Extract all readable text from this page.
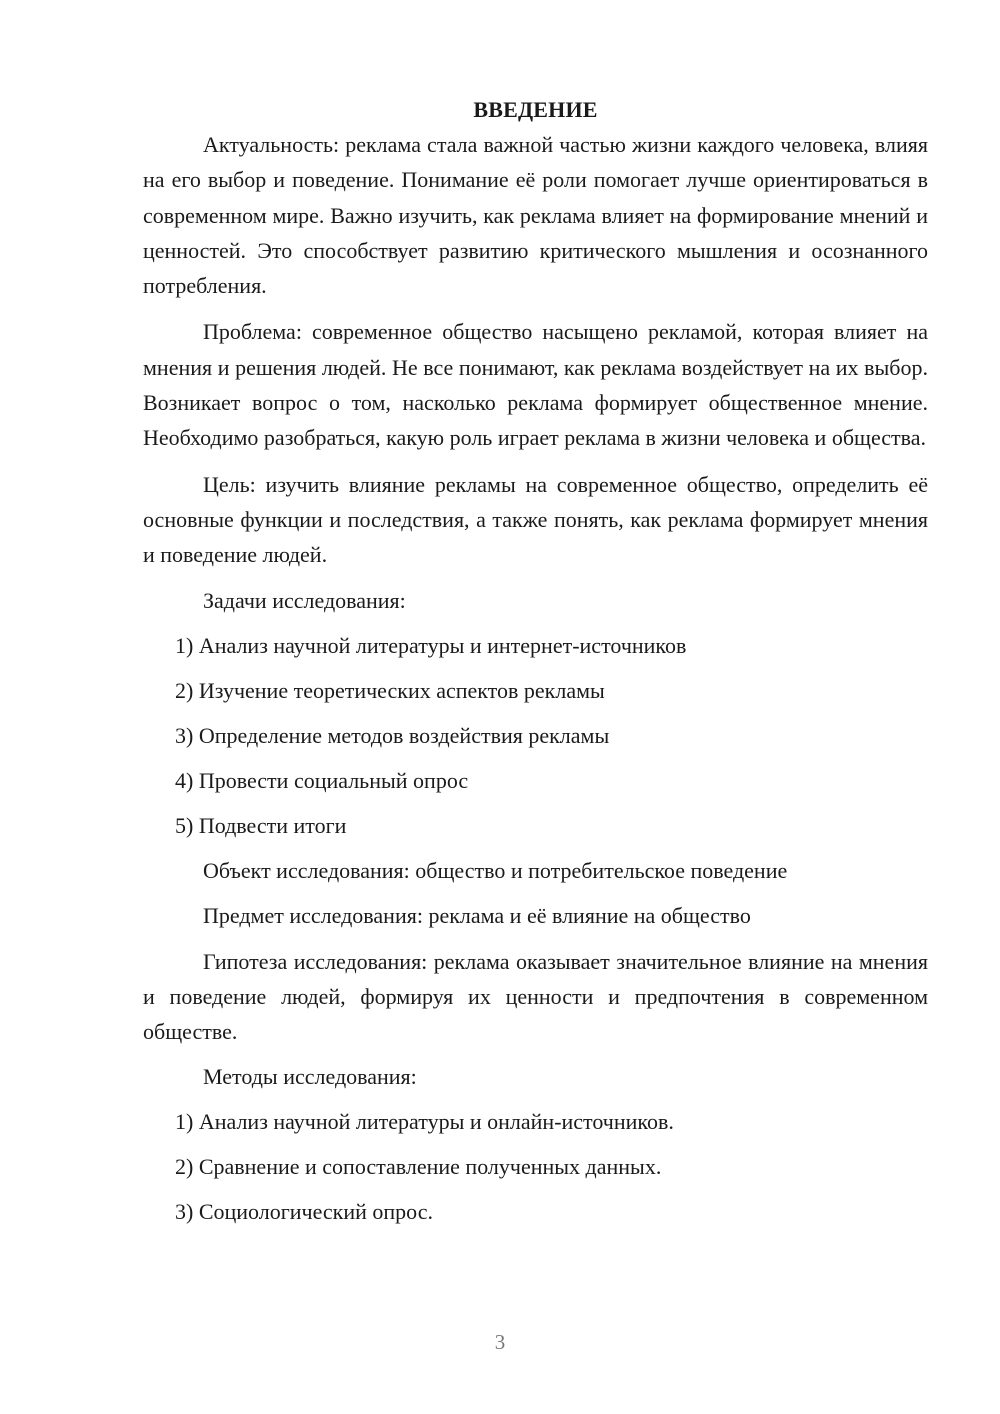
ВВЕДЕНИЕ

Актуальность: реклама стала важной частью жизни каждого человека, влияя на его выбор и поведение. Понимание её роли помогает лучше ориентироваться в современном мире. Важно изучить, как реклама влияет на формирование мнений и ценностей. Это способствует развитию критического мышления и осознанного потребления.

Проблема: современное общество насыщено рекламой, которая влияет на мнения и решения людей. Не все понимают, как реклама воздействует на их выбор. Возникает вопрос о том, насколько реклама формирует общественное мнение. Необходимо разобраться, какую роль играет реклама в жизни человека и общества.

Цель: изучить влияние рекламы на современное общество, определить её основные функции и последствия, а также понять, как реклама формирует мнения и поведение людей.

Задачи исследования:

1) Анализ научной литературы и интернет-источников

2) Изучение теоретических аспектов рекламы

3) Определение методов воздействия рекламы

4) Провести социальный опрос

5) Подвести итоги

Объект исследования: общество и потребительское поведение

Предмет исследования: реклама и её влияние на общество

Гипотеза исследования: реклама оказывает значительное влияние на мнения и поведение людей, формируя их ценности и предпочтения в современном обществе.

Методы исследования:

1) Анализ научной литературы и онлайн-источников.

2) Сравнение и сопоставление полученных данных.

3) Социологический опрос.

3
